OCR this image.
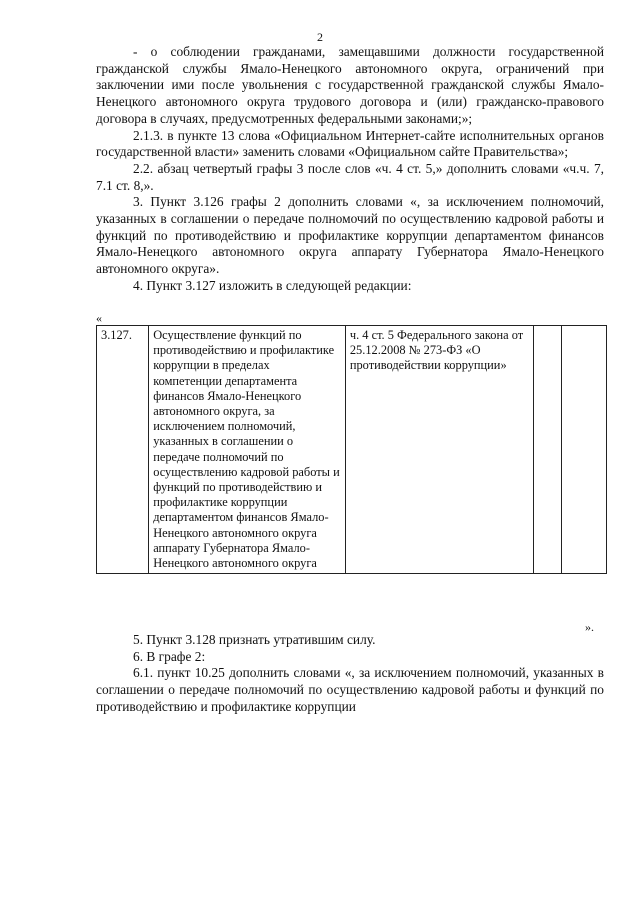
2

- о соблюдении гражданами, замещавшими должности государственной гражданской службы Ямало-Ненецкого автономного округа, ограничений при заключении ими после увольнения с государственной гражданской службы Ямало-Ненецкого автономного округа трудового договора и (или) гражданско-правового договора в случаях, предусмотренных федеральными законами;»;

2.1.3. в пункте 13 слова «Официальном Интернет-сайте исполнительных органов государственной власти» заменить словами «Официальном сайте Правительства»;

2.2. абзац четвертый графы 3 после слов «ч. 4 ст. 5,» дополнить словами «ч.ч. 7, 7.1 ст. 8,».

3. Пункт 3.126 графы 2 дополнить словами «, за исключением полномочий, указанных в соглашении о передаче полномочий по осуществлению кадровой работы и функций по противодействию и профилактике коррупции департаментом финансов Ямало-Ненецкого автономного округа аппарату Губернатора Ямало-Ненецкого автономного округа».

4. Пункт 3.127 изложить в следующей редакции:

«
3.127.	Осуществление функций по противодействию и профилактике коррупции в пределах компетенции департамента финансов Ямало-Ненецкого автономного округа, за исключением полномочий, указанных в соглашении о передаче полномочий по осуществлению кадровой работы и функций по противодействию и профилактике коррупции департаментом финансов Ямало-Ненецкого автономного округа аппарату Губернатора Ямало-Ненецкого автономного округа	ч. 4 ст. 5 Федерального закона от 25.12.2008 № 273-ФЗ «О противодействии коррупции»		
».

5. Пункт 3.128 признать утратившим силу.

6. В графе 2:

6.1. пункт 10.25 дополнить словами «, за исключением полномочий, указанных в соглашении о передаче полномочий по осуществлению кадровой работы и функций по противодействию и профилактике коррупции
